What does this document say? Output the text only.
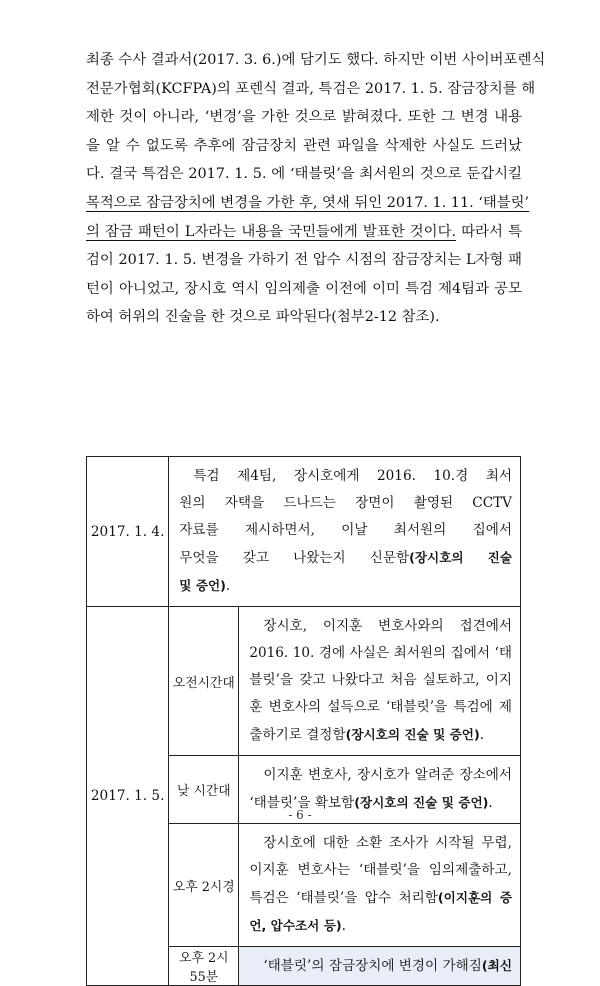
최종 수사 결과서(2017. 3. 6.)에 담기도 했다. 하지만 이번 사이버포렌식
전문가협회(KCFPA)의 포렌식 결과, 특검은 2017. 1. 5. 잠금장치를 해
제한 것이 아니라, ‘변경’을 가한 것으로 밝혀졌다. 또한 그 변경 내용
을 알 수 없도록 추후에 잠금장치 관련 파일을 삭제한 사실도 드러났
다. 결국 특검은 2017. 1. 5. 에 ‘태블릿’을 최서원의 것으로 둔갑시킬
목적으로 잠금장치에 변경을 가한 후, 엿새 뒤인 2017. 1. 11. ‘태블릿’
의 잠금 패턴이 L자라는 내용을 국민들에게 발표한 것이다. 따라서 특
검이 2017. 1. 5. 변경을 가하기 전 압수 시점의 잠금장치는 L자형 패
턴이 아니었고, 장시호 역시 임의제출 이전에 이미 특검 제4팀과 공모
하여 허위의 진술을 한 것으로 파악된다(첨부2-12 참조).
2017. 1. 4.	특검 제4팀, 장시호에게 2016. 10.경 최서
원의 자택을 드나드는 장면이 촬영된 CCTV
자료를 제시하면서, 이날 최서원의 집에서
무엇을 갖고 나왔는지 신문함(장시호의 진술
및 증언).	

2017. 1. 5.	오전시간대	장시호, 이지훈 변호사와의 접견에서
2016. 10. 경에 사실은 최서원의 집에서 ‘태
블릿’을 갖고 나왔다고 처음 실토하고, 이지
훈 변호사의 설득으로 ‘태블릿’을 특검에 제
출하기로 결정함(장시호의 진술 및 증언).

	낮 시간대	이지훈 변호사, 장시호가 알려준 장소에서
‘태블릿’을 확보함(장시호의 진술 및 증언).

	오후 2시경	장시호에 대한 소환 조사가 시작될 무렵,
이지훈 변호사는 ‘태블릿’을 임의제출하고,
특검은 ‘태블릿’을 압수 처리함(이지훈의 증
언, 압수조서 등).

	오후 2시 55분	‘태블릿’의 잠금장치에 변경이 가해짐(최신
- 6 -
